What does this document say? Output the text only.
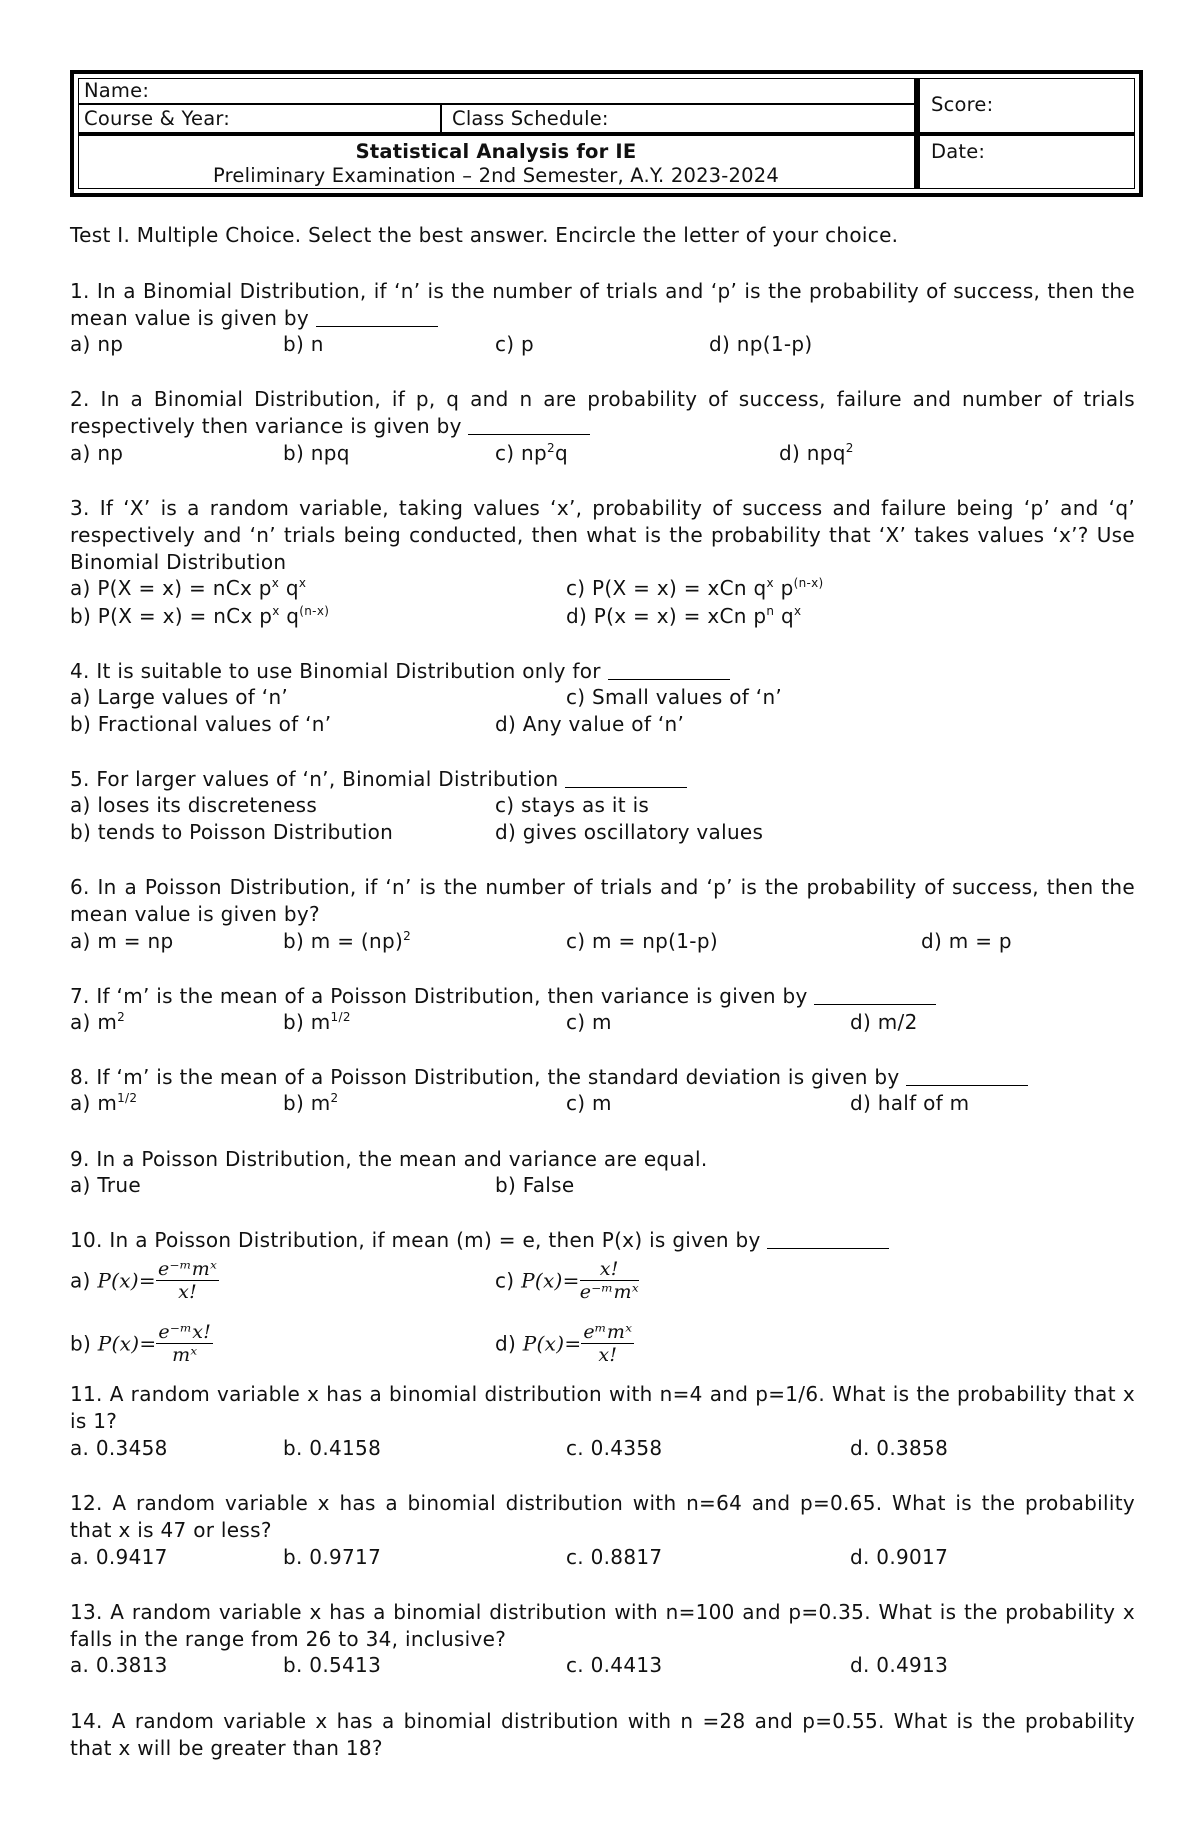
Name:
Course & Year:	Class Schedule:
Score:
Date:
Statistical Analysis for IE
Preliminary Examination – 2nd Semester, A.Y. 2023-2024
Test I. Multiple Choice. Select the best answer. Encircle the letter of your choice.
1. In a Binomial Distribution, if ‘n’ is the number of trials and ‘p’ is the probability of success, then the mean value is given by
a) np	b) n	c) p	d) np(1-p)
2. In a Binomial Distribution, if p, q and n are probability of success, failure and number of trials respectively then variance is given by
a) np	b) npq	c) $np^2q$	d) npq$^2$
3. If ‘X’ is a random variable, taking values ‘x’, probability of success and failure being ‘p’ and ‘q’ respectively and ‘n’ trials being conducted, then what is the probability that ‘X’ takes values ‘x’? Use Binomial Distribution
a) P(X = x) = nCx $p^x$ $q^x$	c) P(X = x) = xCn $q^x$ $p^{(n-x)}$
b) P(X = x) = nCx $p^x$ $q^{(n-x)}$	d) P(x = x) = xCn $p^n$ $q^x$
4. It is suitable to use Binomial Distribution only for
a) Large values of ‘n’	c) Small values of ‘n’
b) Fractional values of ‘n’	d) Any value of ‘n’
5. For larger values of ‘n’, Binomial Distribution
a) loses its discreteness	c) stays as it is
b) tends to Poisson Distribution	d) gives oscillatory values
6. In a Poisson Distribution, if ‘n’ is the number of trials and ‘p’ is the probability of success, then the mean value is given by?
a) m = np	b) m = (np)$^2$	c) m = np(1-p)	d) m = p
7. If ‘m’ is the mean of a Poisson Distribution, then variance is given by
a) $m^2$	b) $m^{1/2}$	c) m	d) m/2
8. If ‘m’ is the mean of a Poisson Distribution, the standard deviation is given by
a) $m^{1/2}$	b) $m^2$	c) m	d) half of m
9. In a Poisson Distribution, the mean and variance are equal.
a) True	b) False
10. In a Poisson Distribution, if mean (m) = e, then P(x) is given by
a) $P(x)= \frac{\text{e⁻ᵐmˣ}}{x!}$	c) $P(x)= \frac{x!}{\text{e⁻ᵐmˣ}}$
b) $P(x)= \frac{\text{e⁻ᵐx!}}{\text{mˣ}}$	d) $P(x)= \frac{\text{eᵐmˣ}}{x!}$
11. A random variable x has a binomial distribution with n=4 and p=1/6. What is the probability that x is 1?
a. 0.3458	b. 0.4158	c. 0.4358	d. 0.3858
12. A random variable x has a binomial distribution with n=64 and p=0.65. What is the probability that x is 47 or less?
a. 0.9417	b. 0.9717	c. 0.8817	d. 0.9017
13. A random variable x has a binomial distribution with n=100 and p=0.35. What is the probability x falls in the range from 26 to 34, inclusive?
a. 0.3813	b. 0.5413	c. 0.4413	d. 0.4913
14. A random variable x has a binomial distribution with n =28 and p=0.55. What is the probability that x will be greater than 18?
